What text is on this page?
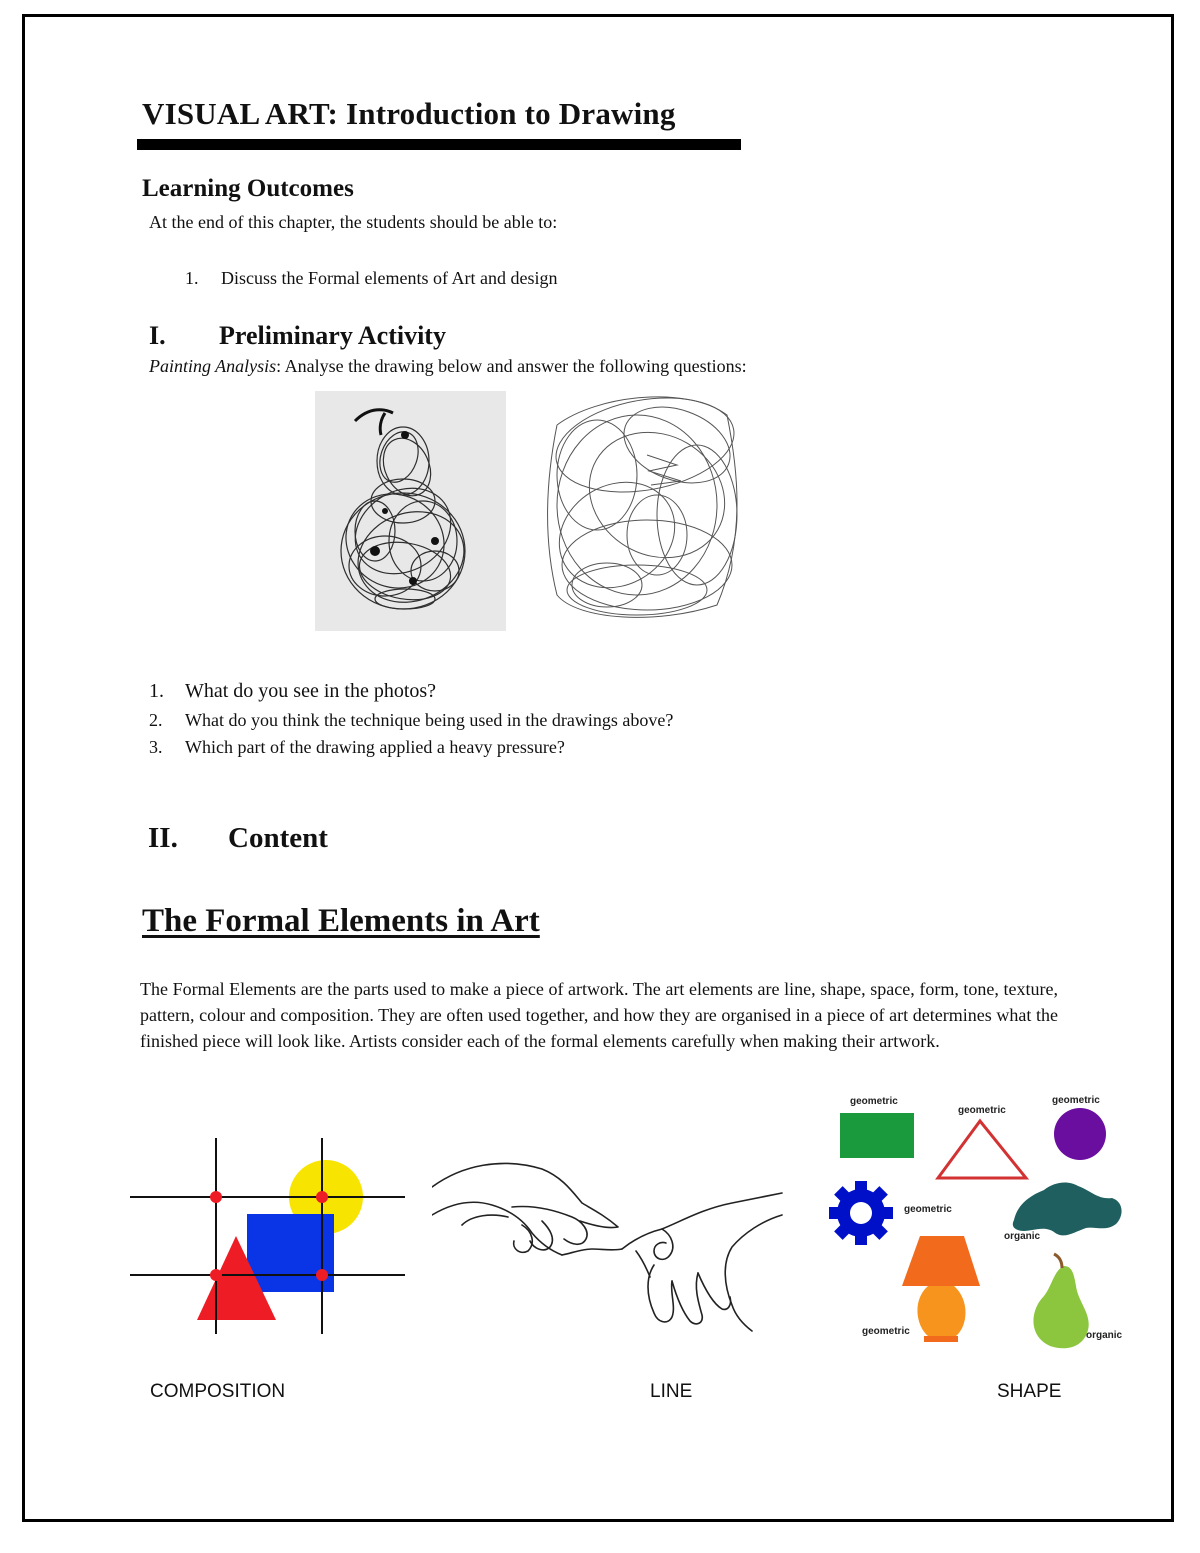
VISUAL ART: Introduction to Drawing
Learning Outcomes
At the end of this chapter, the students should be able to:
1. Discuss the Formal elements of Art and design
I. Preliminary Activity
Painting Analysis: Analyse the drawing below and answer the following questions:
1. What do you see in the photos?
2. What do you think the technique being used in the drawings above?
3. Which part of the drawing applied a heavy pressure?
II. Content
The Formal Elements in Art
The Formal Elements are the parts used to make a piece of artwork. The art elements are line, shape, space, form, tone, texture, pattern, colour and composition. They are often used together, and how they are organised in a piece of art determines what the finished piece will look like. Artists consider each of the formal elements carefully when making their artwork.
geometric
geometric
geometric
geometric
organic
geometric	organic
COMPOSITION	LINE	SHAPE
